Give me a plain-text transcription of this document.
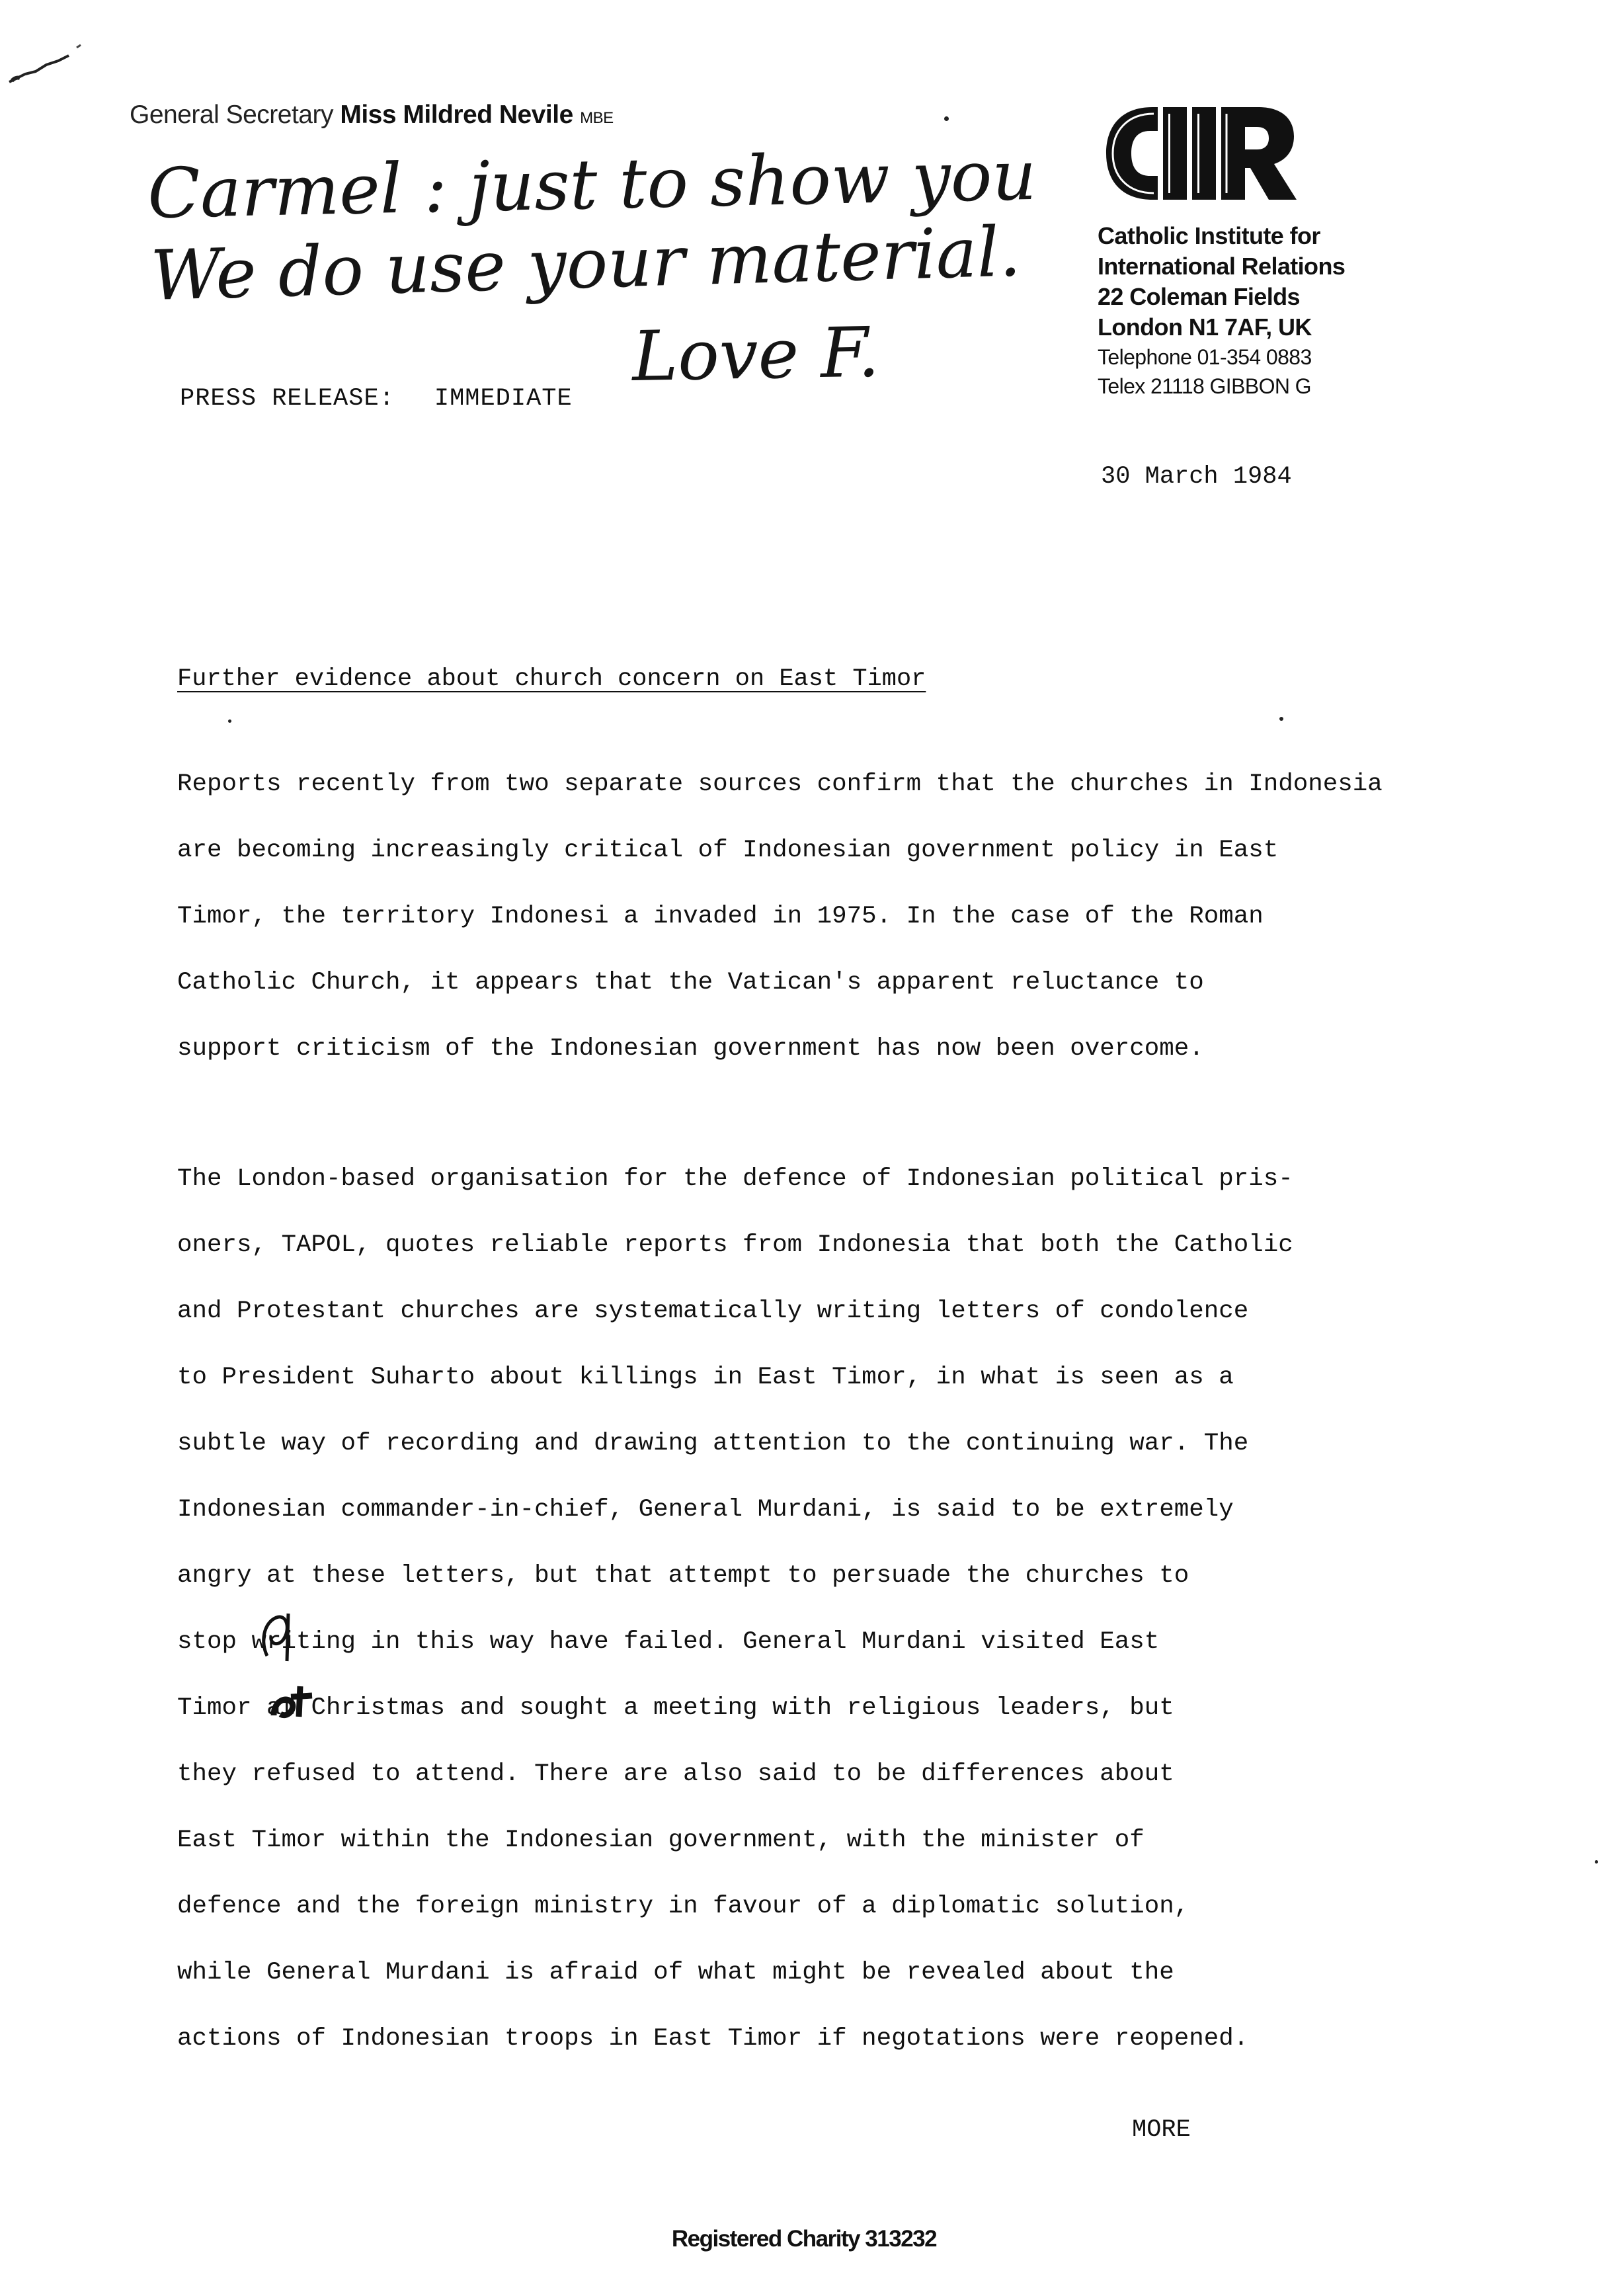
General Secretary Miss Mildred Nevile MBE
Carmel : just to show you
We do use your material.
Love F.
Catholic Institute for
International Relations
22 Coleman Fields
London N1 7AF, UK
Telephone 01-354 0883
Telex 21118 GIBBON G
PRESS RELEASE: IMMEDIATE
30 March 1984
Further evidence about church concern on East Timor

Reports recently from two separate sources confirm that the churches in Indonesia
are becoming increasingly critical of Indonesian government policy in East
Timor, the territory Indonesi a invaded in 1975. In the case of the Roman
Catholic Church, it appears that the Vatican's apparent reluctance to
support criticism of the Indonesian government has now been overcome.

The London-based organisation for the defence of Indonesian political pris-
oners, TAPOL, quotes reliable reports from Indonesia that both the Catholic
and Protestant churches are systematically writing letters of condolence
to President Suharto about killings in East Timor, in what is seen as a
subtle way of recording and drawing attention to the continuing war. The
Indonesian commander-in-chief, General Murdani, is said to be extremely
angry at these letters, but that attempt to persuade the churches to
stop writing in this way have failed. General Murdani visited East
Timor at Christmas and sought a meeting with religious leaders, but
they refused to attend. There are also said to be differences about
East Timor within the Indonesian government, with the minister of
defence and the foreign ministry in favour of a diplomatic solution,
while General Murdani is afraid of what might be revealed about the
actions of Indonesian troops in East Timor if negotations were reopened.

MORE
Registered Charity 313232
